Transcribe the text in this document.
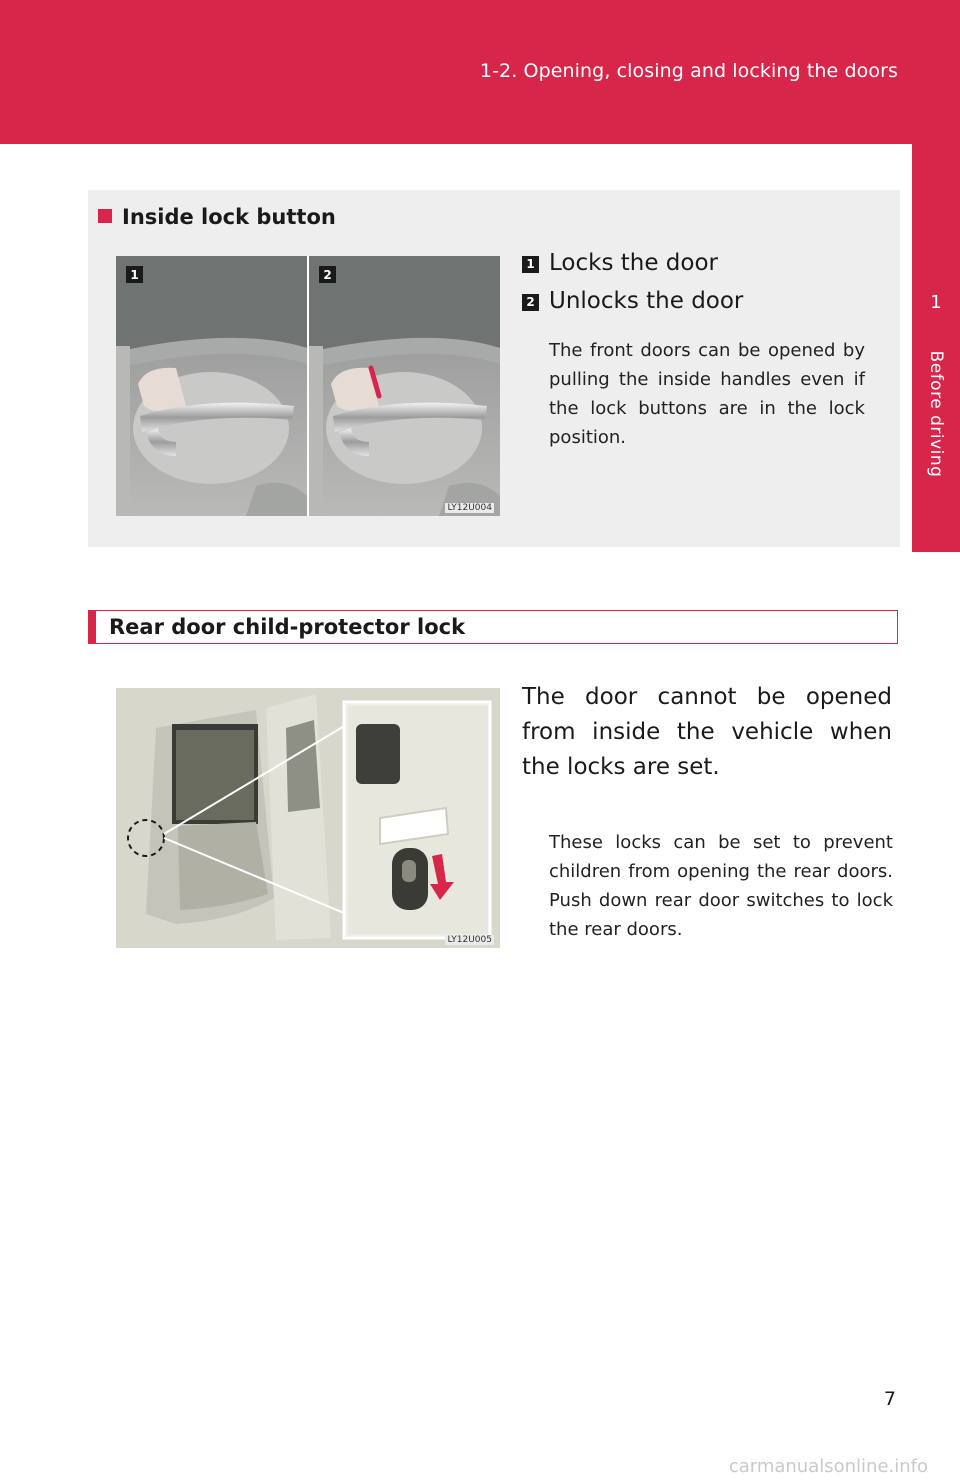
1-2. Opening, closing and locking the doors
1
Before driving
Inside lock button
1	2
LY12U004
1 Locks the door
2 Unlocks the door
The front doors can be opened by pulling the inside handles even if the lock buttons are in the lock position.
Rear door child-protector lock
LY12U005
The door cannot be opened from inside the vehicle when the locks are set.
These locks can be set to prevent children from opening the rear doors. Push down rear door switches to lock the rear doors.
7
carmanualsonline.info
